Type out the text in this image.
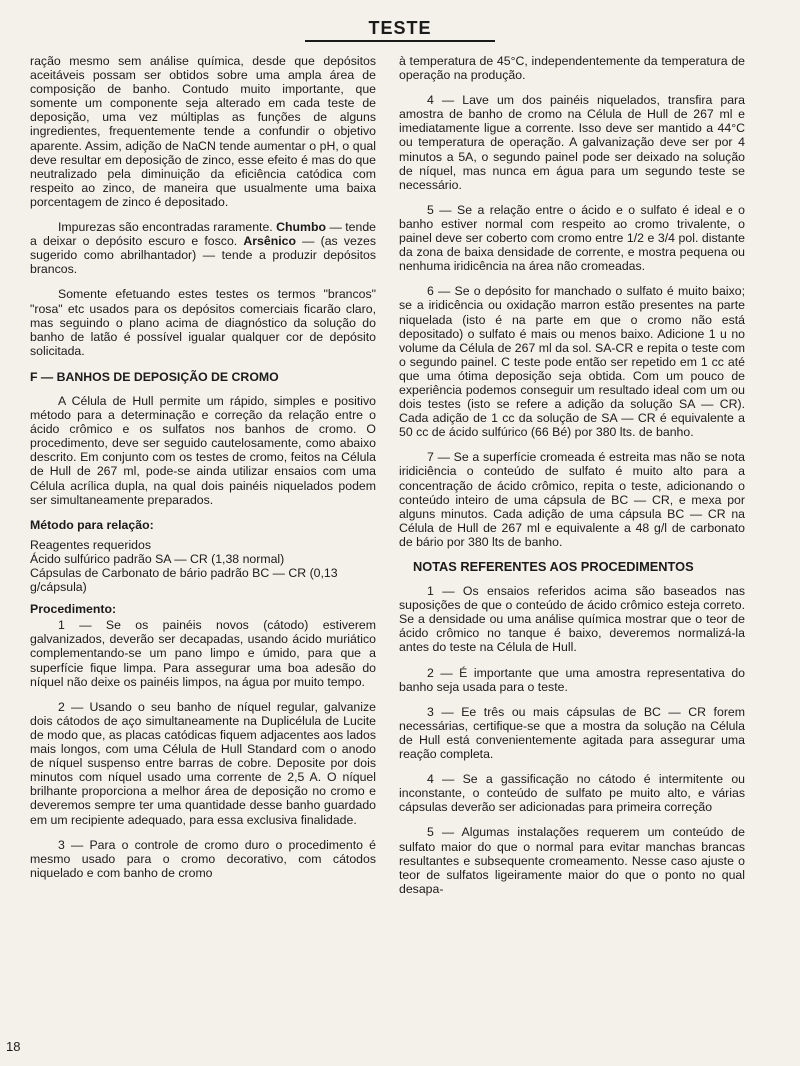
TESTE

ração mesmo sem análise química, desde que depósitos aceitáveis possam ser obtidos sobre uma ampla área de composição de banho. Contudo muito importante, que somente um componente seja alterado em cada teste de deposição, uma vez múltiplas as funções de alguns ingredientes, frequentemente tende a confundir o objetivo aparente. Assim, adição de NaCN tende aumentar o pH, o qual deve resultar em deposição de zinco, esse efeito é mas do que neutralizado pela diminuição da eficiência catódica com respeito ao zinco, de maneira que usualmente uma baixa porcentagem de zinco é depositado.

Impurezas são encontradas raramente. Chumbo — tende a deixar o depósito escuro e fosco. Arsênico — (as vezes sugerido como abrilhantador) — tende a produzir depósitos brancos.

Somente efetuando estes testes os termos "brancos" "rosa" etc usados para os depósitos comerciais ficarão claro, mas seguindo o plano acima de diagnóstico da solução do banho de latão é possível igualar qualquer cor de depósito solicitada.

F — BANHOS DE DEPOSIÇÃO DE CROMO

A Célula de Hull permite um rápido, simples e positivo método para a determinação e correção da relação entre o ácido crômico e os sulfatos nos banhos de cromo. O procedimento, deve ser seguido cautelosamente, como abaixo descrito. Em conjunto com os testes de cromo, feitos na Célula de Hull de 267 ml, pode-se ainda utilizar ensaios com uma Célula acrílica dupla, na qual dois painéis niquelados podem ser simultaneamente preparados.

Método para relação:
Reagentes requeridos
Ácido sulfúrico padrão SA — CR (1,38 normal)
Cápsulas de Carbonato de bário padrão BC — CR (0,13 g/cápsula)
Procedimento:

1 — Se os painéis novos (cátodo) estiverem galvanizados, deverão ser decapadas, usando ácido muriático complementando-se um pano limpo e úmido, para que a superfície fique limpa. Para assegurar uma boa adesão do níquel não deixe os painéis limpos, na água por muito tempo.

2 — Usando o seu banho de níquel regular, galvanize dois cátodos de aço simultaneamente na Duplicélula de Lucite de modo que, as placas catódicas fiquem adjacentes aos lados mais longos, com uma Célula de Hull Standard com o anodo de níquel suspenso entre barras de cobre. Deposite por dois minutos com níquel usado uma corrente de 2,5 A. O níquel brilhante proporciona a melhor área de deposição no cromo e deveremos sempre ter uma quantidade desse banho guardado em um recipiente adequado, para essa exclusiva finalidade.

3 — Para o controle de cromo duro o procedimento é mesmo usado para o cromo decorativo, com cátodos niquelado e com banho de cromo

à temperatura de 45°C, independentemente da temperatura de operação na produção.

4 — Lave um dos painéis niquelados, transfira para amostra de banho de cromo na Célula de Hull de 267 ml e imediatamente ligue a corrente. Isso deve ser mantido a 44°C ou temperatura de operação. A galvanização deve ser por 4 minutos a 5A, o segundo painel pode ser deixado na solução de níquel, mas nunca em água para um segundo teste se necessário.

5 — Se a relação entre o ácido e o sulfato é ideal e o banho estiver normal com respeito ao cromo trivalente, o painel deve ser coberto com cromo entre 1/2 e 3/4 pol. distante da zona de baixa densidade de corrente, e mostra pequena ou nenhuma iridicência na área não cromeadas.

6 — Se o depósito for manchado o sulfato é muito baixo; se a iridicência ou oxidação marron estão presentes na parte niquelada (isto é na parte em que o cromo não está depositado) o sulfato é mais ou menos baixo. Adicione 1 u no volume da Célula de 267 ml da sol. SA-CR e repita o teste com o segundo painel. C teste pode então ser repetido em 1 cc até que uma ótima deposição seja obtida. Com um pouco de experiência podemos conseguir um resultado ideal com um ou dois testes (isto se refere a adição da solução SA — CR). Cada adição de 1 cc da solução de SA — CR é equivalente a 50 cc de ácido sulfúrico (66 Bé) por 380 lts. de banho.

7 — Se a superfície cromeada é estreita mas não se nota iridiciência o conteúdo de sulfato é muito alto para a concentração de ácido crômico, repita o teste, adicionando o conteúdo inteiro de uma cápsula de BC — CR, e mexa por alguns minutos. Cada adição de uma cápsula BC — CR na Célula de Hull de 267 ml e equivalente a 48 g/l de carbonato de bário por 380 lts de banho.

NOTAS REFERENTES AOS PROCEDIMENTOS

1 — Os ensaios referidos acima são baseados nas suposições de que o conteúdo de ácido crômico esteja correto. Se a densidade ou uma análise química mostrar que o teor de ácido crômico no tanque é baixo, deveremos normalizá-la antes do teste na Célula de Hull.

2 — É importante que uma amostra representativa do banho seja usada para o teste.

3 — Ee três ou mais cápsulas de BC — CR forem necessárias, certifique-se que a mostra da solução na Célula de Hull está convenientemente agitada para assegurar uma reação completa.

4 — Se a gassificação no cátodo é intermitente ou inconstante, o conteúdo de sulfato pe muito alto, e várias cápsulas deverão ser adicionadas para primeira correção

5 — Algumas instalações requerem um conteúdo de sulfato maior do que o normal para evitar manchas brancas resultantes e subsequente cromeamento. Nesse caso ajuste o teor de sulfatos ligeiramente maior do que o ponto no qual desapa-

18
